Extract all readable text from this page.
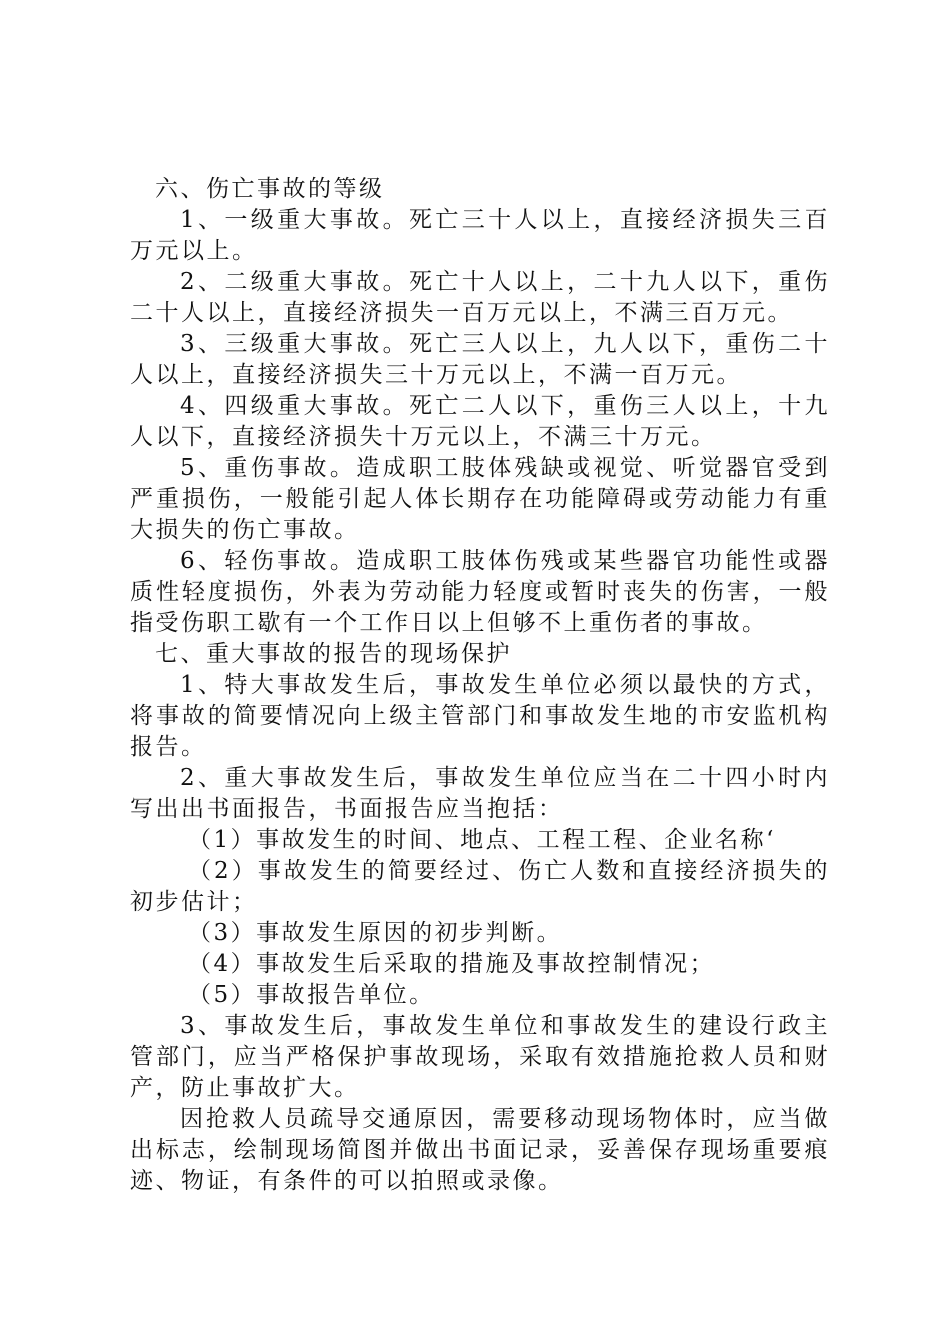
六、伤亡事故的等级

1、一级重大事故。死亡三十人以上，直接经济损失三百万元以上。

2、二级重大事故。死亡十人以上，二十九人以下，重伤二十人以上，直接经济损失一百万元以上，不满三百万元。

3、三级重大事故。死亡三人以上，九人以下，重伤二十人以上，直接经济损失三十万元以上，不满一百万元。

4、四级重大事故。死亡二人以下，重伤三人以上，十九人以下，直接经济损失十万元以上，不满三十万元。

5、重伤事故。造成职工肢体残缺或视觉、听觉器官受到严重损伤，一般能引起人体长期存在功能障碍或劳动能力有重大损失的伤亡事故。

6、轻伤事故。造成职工肢体伤残或某些器官功能性或器质性轻度损伤，外表为劳动能力轻度或暂时丧失的伤害，一般指受伤职工歇有一个工作日以上但够不上重伤者的事故。

七、重大事故的报告的现场保护

1、特大事故发生后，事故发生单位必须以最快的方式，将事故的简要情况向上级主管部门和事故发生地的市安监机构报告。

2、重大事故发生后，事故发生单位应当在二十四小时内写出出书面报告，书面报告应当抱括：

（1）事故发生的时间、地点、工程工程、企业名称‘

（2）事故发生的简要经过、伤亡人数和直接经济损失的初步估计；

（3）事故发生原因的初步判断。

（4）事故发生后采取的措施及事故控制情况；

（5）事故报告单位。

3、事故发生后，事故发生单位和事故发生的建设行政主管部门，应当严格保护事故现场，采取有效措施抢救人员和财产，防止事故扩大。

因抢救人员疏导交通原因，需要移动现场物体时，应当做出标志，绘制现场简图并做出书面记录，妥善保存现场重要痕迹、物证，有条件的可以拍照或录像。
